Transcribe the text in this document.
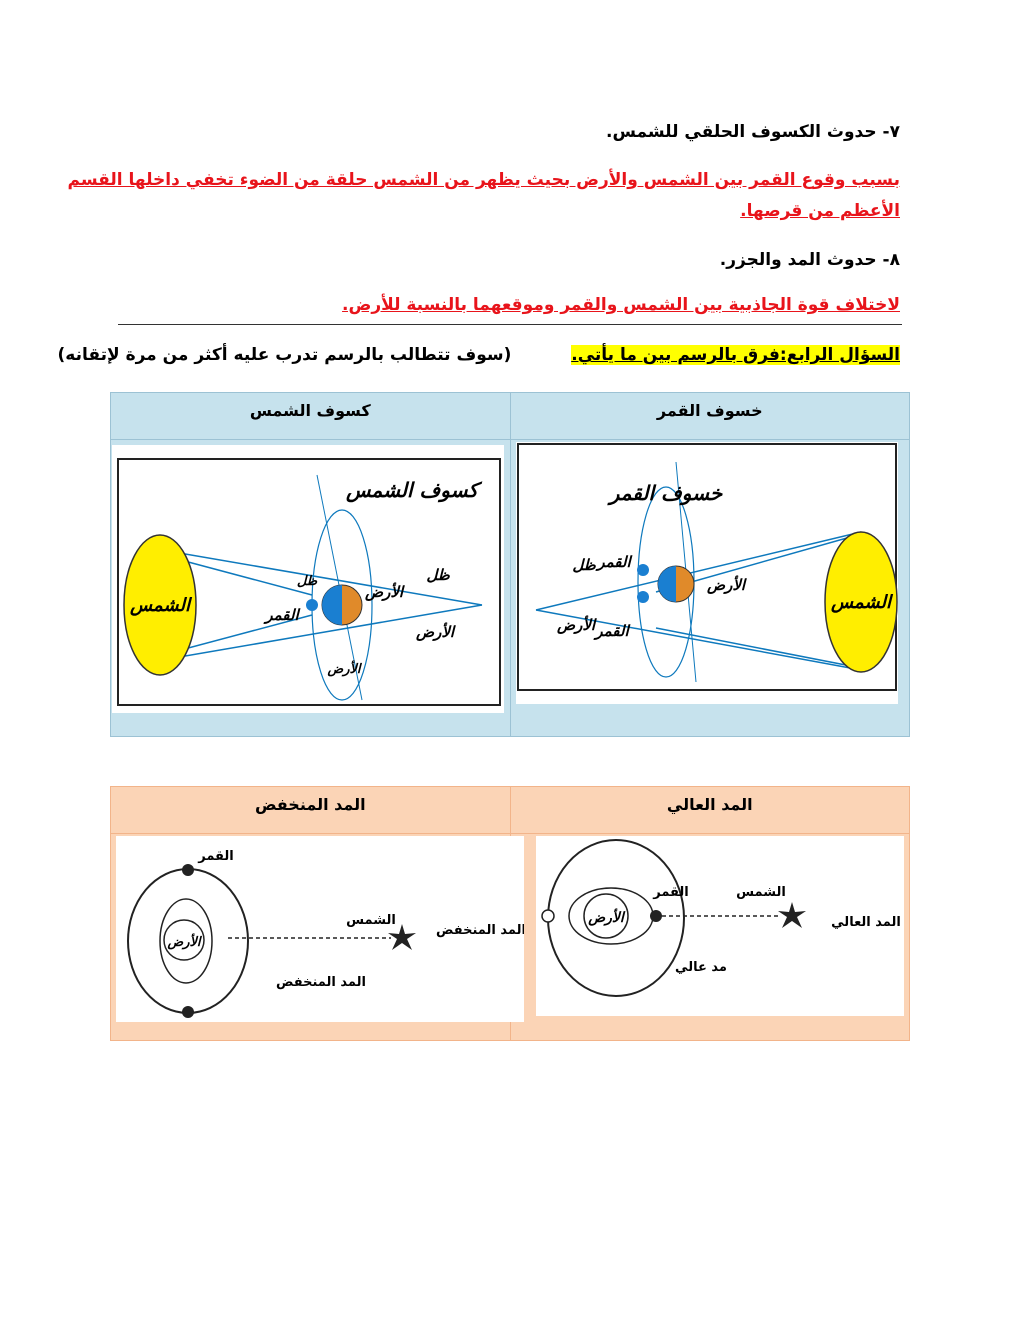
٧- حدوث الكسوف الحلقي للشمس.
بسبب وقوع القمر بين الشمس والأرض بحيث يظهر من الشمس حلقة من الضوء تخفي داخلها القسم
الأعظم من قرصها.
٨- حدوث المد والجزر.
لاختلاف قوة الجاذبية بين الشمس والقمر وموقعهما بالنسبة للأرض.
السؤال الرابع:فرق بالرسم بين ما يأتي.  (سوف تتطالب بالرسم تدرب عليه أكثر من مرة لإتقانه)
خسوف القمر	كسوف الشمس

الشمس
خسوف القمر
القمر
ظل
القمر
الأرض
الأرض
الشمس
كسوف الشمس
ظل
الأرض
الأرض
القمر
ظل
الأرض
المد العالي	المد المنخفض

الأرض
القمر	الشمس
المد العالي
مد عالي
الأرض
القمر
الشمس
المد المنخفض
المد المنخفض
